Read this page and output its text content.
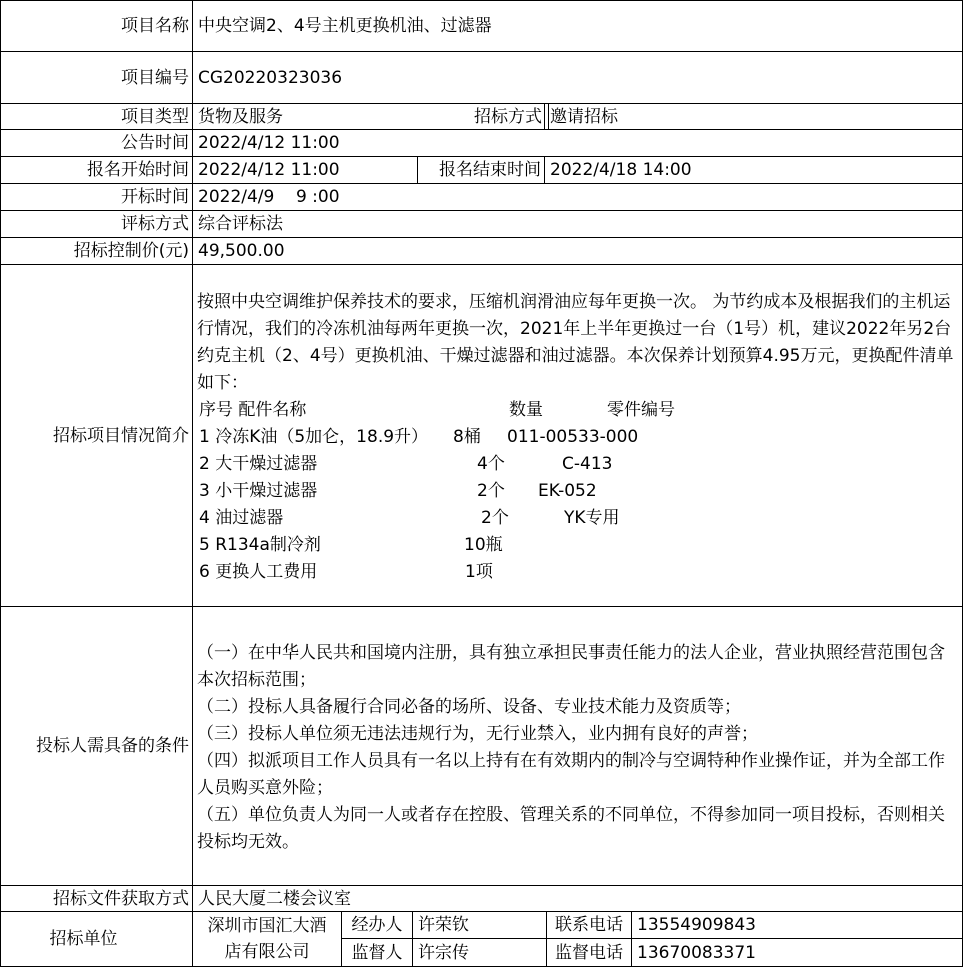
项目名称 中央空调2、4号主机更换机油、过滤器
项目编号 CG20220323036
项目类型 货物及服务	招标方式 邀请招标
公告时间 2022/4/12 11:00
报名开始时间 2022/4/12 11:00	报名结束时间 2022/4/18 14:00
开标时间 2022/4/9    9 :00
评标方式 综合评标法
招标控制价(元) 49,500.00
招标项目情况简介
按照中央空调维护保养技术的要求，压缩机润滑油应每年更换一次。 为节约成本及根据我们的主机运行情况，我们的冷冻机油每两年更换一次，2021年上半年更换过一台（1号）机，建议2022年另2台约克主机（2、4号）更换机油、干燥过滤器和油过滤器。本次保养计划预算4.95万元，更换配件清单如下：
序号 配件名称	数量	零件编号
1 冷冻K油（5加仑，18.9升） 8桶 011-00533-000
2 大干燥过滤器	4个	C-413
3 小干燥过滤器	2个 EK-052
4 油过滤器	2个	YK专用
5 R134a制冷剂	10瓶
6 更换人工费用	1项
投标人需具备的条件
（一）在中华人民共和国境内注册，具有独立承担民事责任能力的法人企业，营业执照经营范围包含本次招标范围；
（二）投标人具备履行合同必备的场所、设备、专业技术能力及资质等；
（三）投标人单位须无违法违规行为，无行业禁入，业内拥有良好的声誉；
（四）拟派项目工作人员具有一名以上持有在有效期内的制冷与空调特种作业操作证，并为全部工作人员购买意外险；
（五）单位负责人为同一人或者存在控股、管理关系的不同单位，不得参加同一项目投标，否则相关投标均无效。
招标文件获取方式 人民大厦二楼会议室
招标单位
深圳市国汇大酒
店有限公司
经办人 许荣钦	联系电话 13554909843
监督人 许宗传	监督电话 13670083371
